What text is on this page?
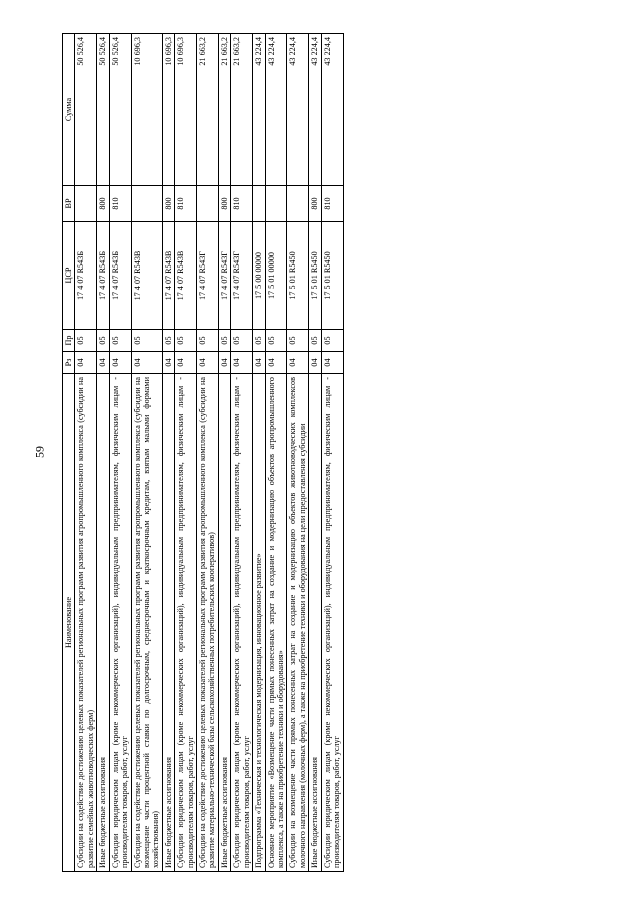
59
Наименование	Рз	Пр	ЦСР	ВР	Сумма
Субсидии на содействие достижению целевых показателей региональных программ развития агропромышленного комплекса (субсидии на развитие семейных животноводческих ферм)	04	05	17 4 07 R543Б		50 526,4
Иные бюджетные ассигнования	04	05	17 4 07 R543Б	800	50 526,4
Субсидии юридическим лицам (кроме некоммерческих организаций), индивидуальным предпринимателям, физическим лицам - производителям товаров, работ, услуг	04	05	17 4 07 R543Б	810	50 526,4
Субсидии на содействие достижению целевых показателей региональных программ развития агропромышленного комплекса (субсидии на возмещение части процентной ставки по долгосрочным, среднесрочным и краткосрочным кредитам, взятым малыми формами хозяйствования)	04	05	17 4 07 R543В		10 696,3
Иные бюджетные ассигнования	04	05	17 4 07 R543В	800	10 696,3
Субсидии юридическим лицам (кроме некоммерческих организаций), индивидуальным предпринимателям, физическим лицам - производителям товаров, работ, услуг	04	05	17 4 07 R543В	810	10 696,3
Субсидии на содействие достижению целевых показателей региональных программ развития агропромышленного комплекса (субсидии на развитие материально-технической базы сельскохозяйственных потребительских кооперативов)	04	05	17 4 07 R543Г		21 663,2
Иные бюджетные ассигнования	04	05	17 4 07 R543Г	800	21 663,2
Субсидии юридическим лицам (кроме некоммерческих организаций), индивидуальным предпринимателям, физическим лицам - производителям товаров, работ, услуг	04	05	17 4 07 R543Г	810	21 663,2
Подпрограмма «Техническая и технологическая модернизация, инновационное развитие»	04	05	17 5 00 00000		43 224,4
Основное мероприятие «Возмещение части прямых понесенных затрат на создание и модернизацию объектов агропромышленного комплекса, а также на приобретение техники и оборудования»	04	05	17 5 01 00000		43 224,4
Субсидии на возмещение части прямых понесенных затрат на создание и модернизацию объектов животноводческих комплексов молочного направления (молочных ферм), а также на приобретение техники и оборудования на цели предоставления субсидии	04	05	17 5 01 R5450		43 224,4
Иные бюджетные ассигнования	04	05	17 5 01 R5450	800	43 224,4
Субсидии юридическим лицам (кроме некоммерческих организаций), индивидуальным предпринимателям, физическим лицам - производителям товаров, работ, услуг	04	05	17 5 01 R5450	810	43 224,4
